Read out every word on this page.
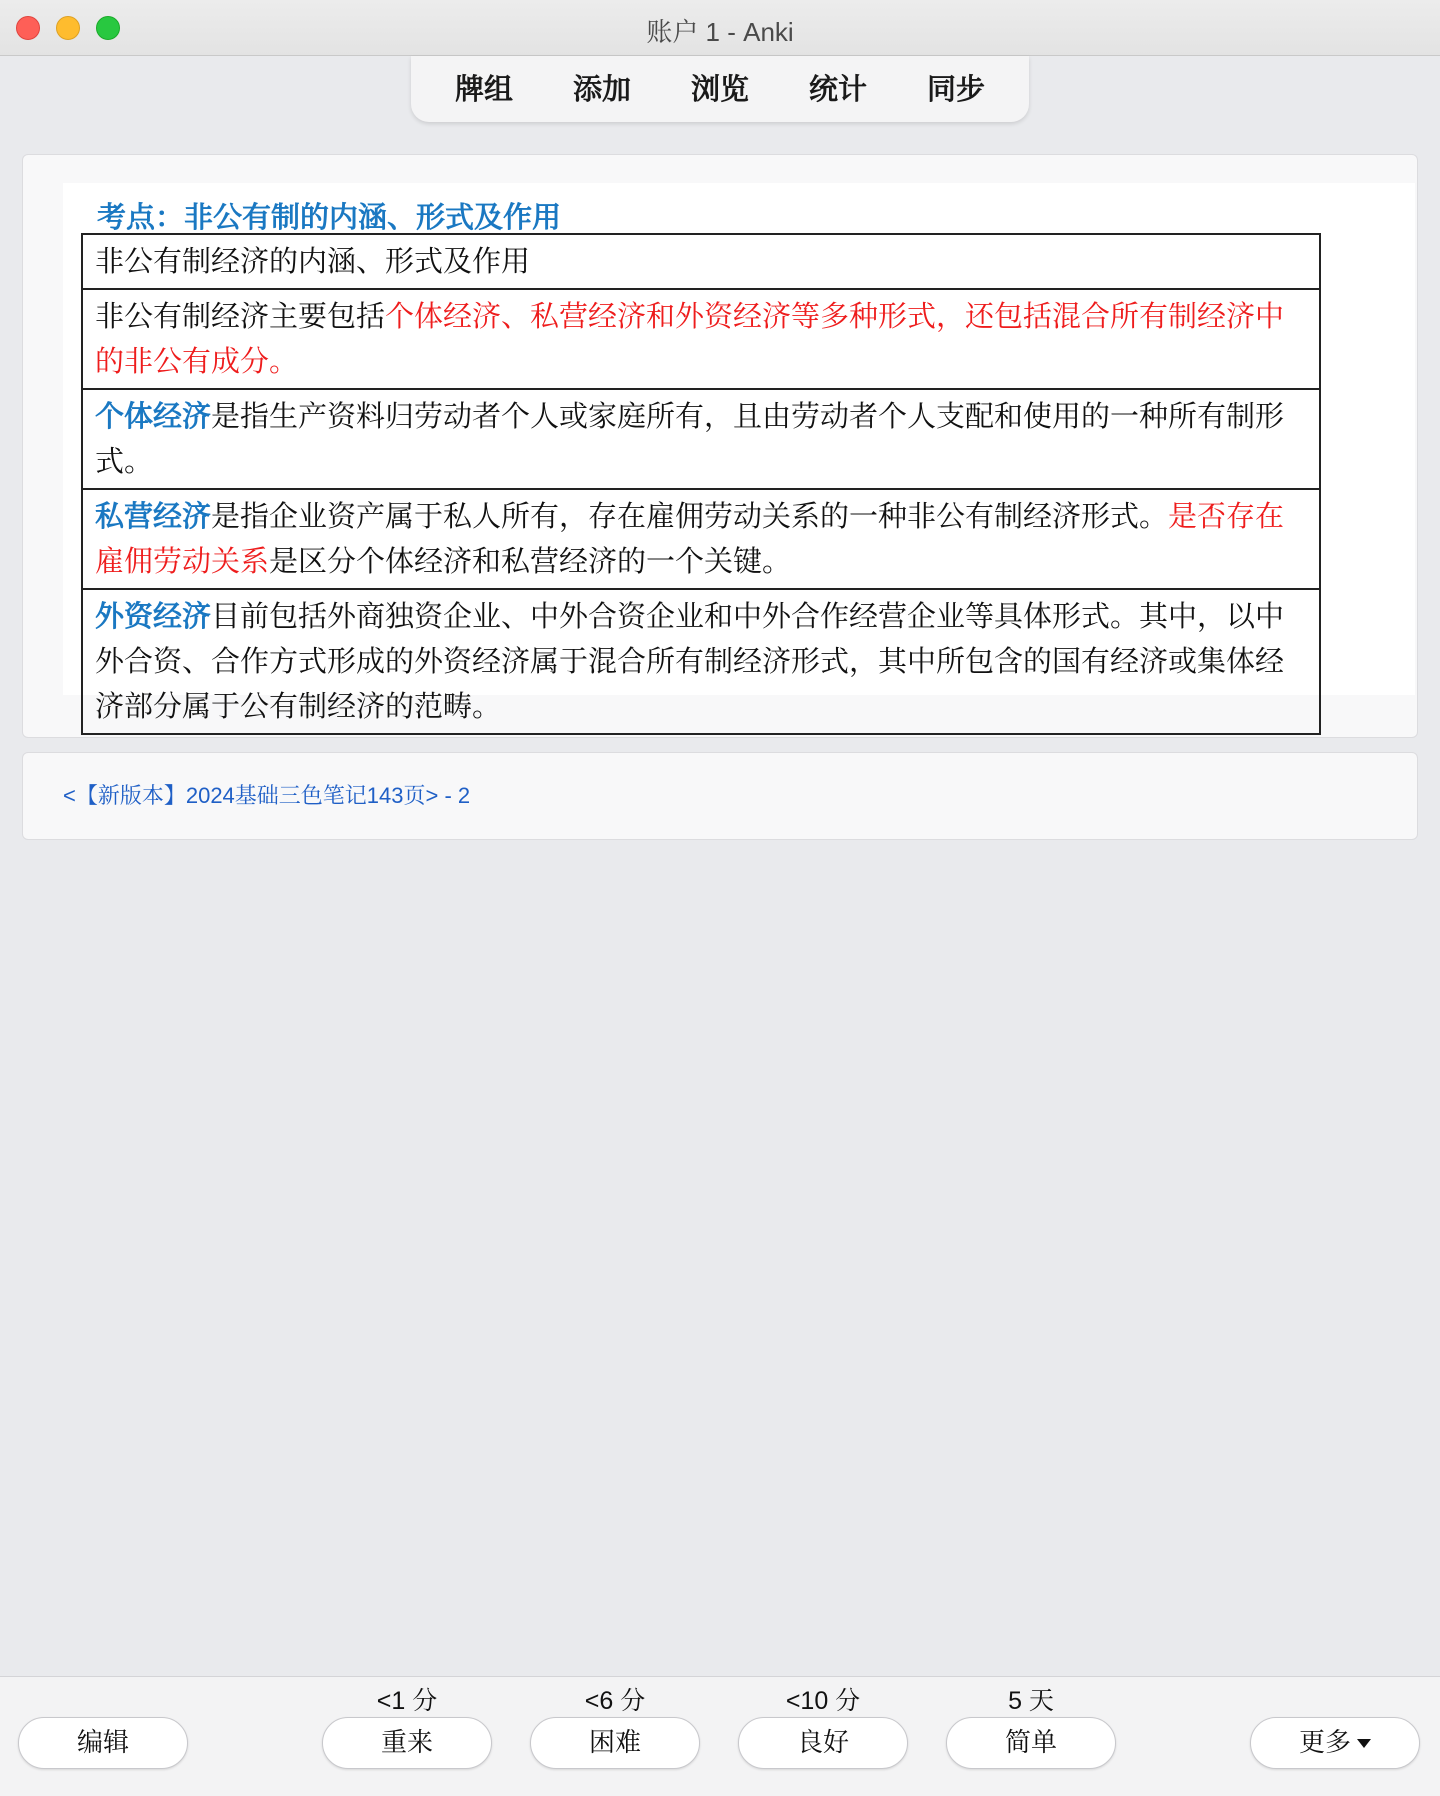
账户 1 - Anki
牌组	添加	浏览	统计	同步
考点：非公有制的内涵、形式及作用
非公有制经济的内涵、形式及作用
非公有制经济主要包括个体经济、私营经济和外资经济等多种形式，还包括混合所有制经济中的非公有成分。
个体经济是指生产资料归劳动者个人或家庭所有，且由劳动者个人支配和使用的一种所有制形式。
私营经济是指企业资产属于私人所有，存在雇佣劳动关系的一种非公有制经济形式。是否存在雇佣劳动关系是区分个体经济和私营经济的一个关键。
外资经济目前包括外商独资企业、中外合资企业和中外合作经营企业等具体形式。其中，以中外合资、合作方式形成的外资经济属于混合所有制经济形式，其中所包含的国有经济或集体经济部分属于公有制经济的范畴。
<【新版本】2024基础三色笔记143页> - 2
编辑
<1 分
重来
<6 分
困难
<10 分
良好
5 天
简单	更多
